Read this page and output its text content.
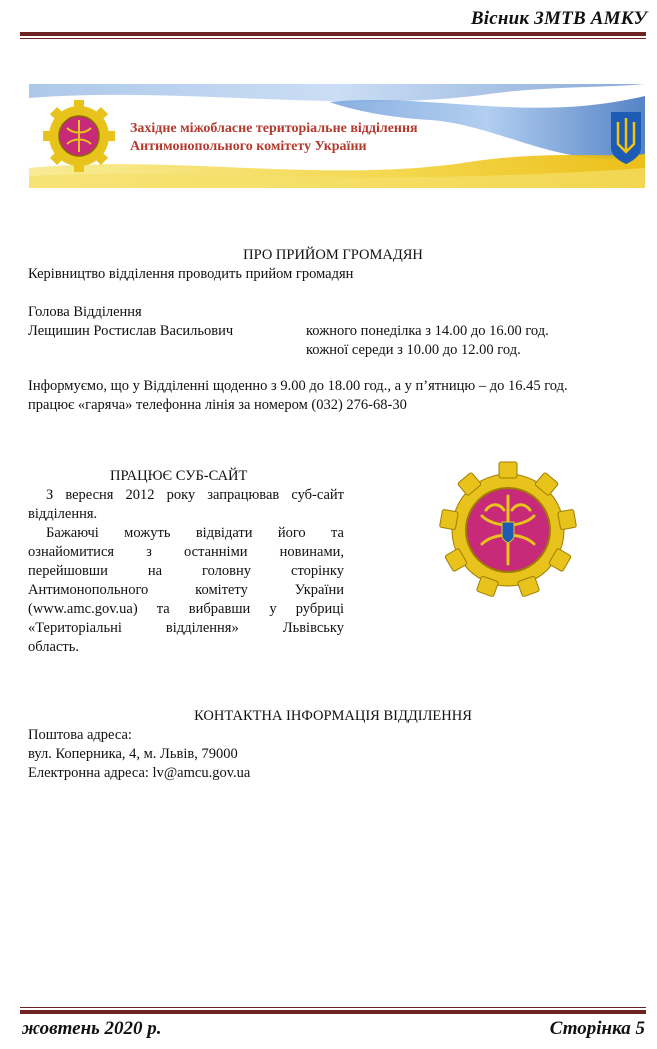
Вісник ЗМТВ АМКУ
Західне міжобласне територіальне відділення
Антимонопольного комітету України
ПРО ПРИЙОМ ГРОМАДЯН
Керівництво відділення проводить прийом громадян
Голова Відділення
Лещишин Ростислав Васильович	кожного понеділка з 14.00 до 16.00 год.
кожної середи з 10.00 до 12.00 год.
Інформуємо, що у Відділенні щоденно з 9.00 до 18.00 год., а у п’ятницю – до 16.45 год.
працює «гаряча» телефонна лінія за номером (032) 276-68-30
ПРАЦЮЄ СУБ-САЙТ
З вересня 2012 року запрацював суб-сайт
відділення.
Бажаючі можуть відвідати його та
ознайомитися з останніми новинами,
перейшовши на головну сторінку
Антимонопольного комітету України
(www.amc.gov.ua) та вибравши у рубриці
«Територіальні відділення» Львівську
область.
КОНТАКТНА ІНФОРМАЦІЯ ВІДДІЛЕННЯ
Поштова адреса:
вул. Коперника, 4, м. Львів, 79000
Електронна адреса: lv@amcu.gov.ua
жовтень 2020 р.	Сторінка 5
